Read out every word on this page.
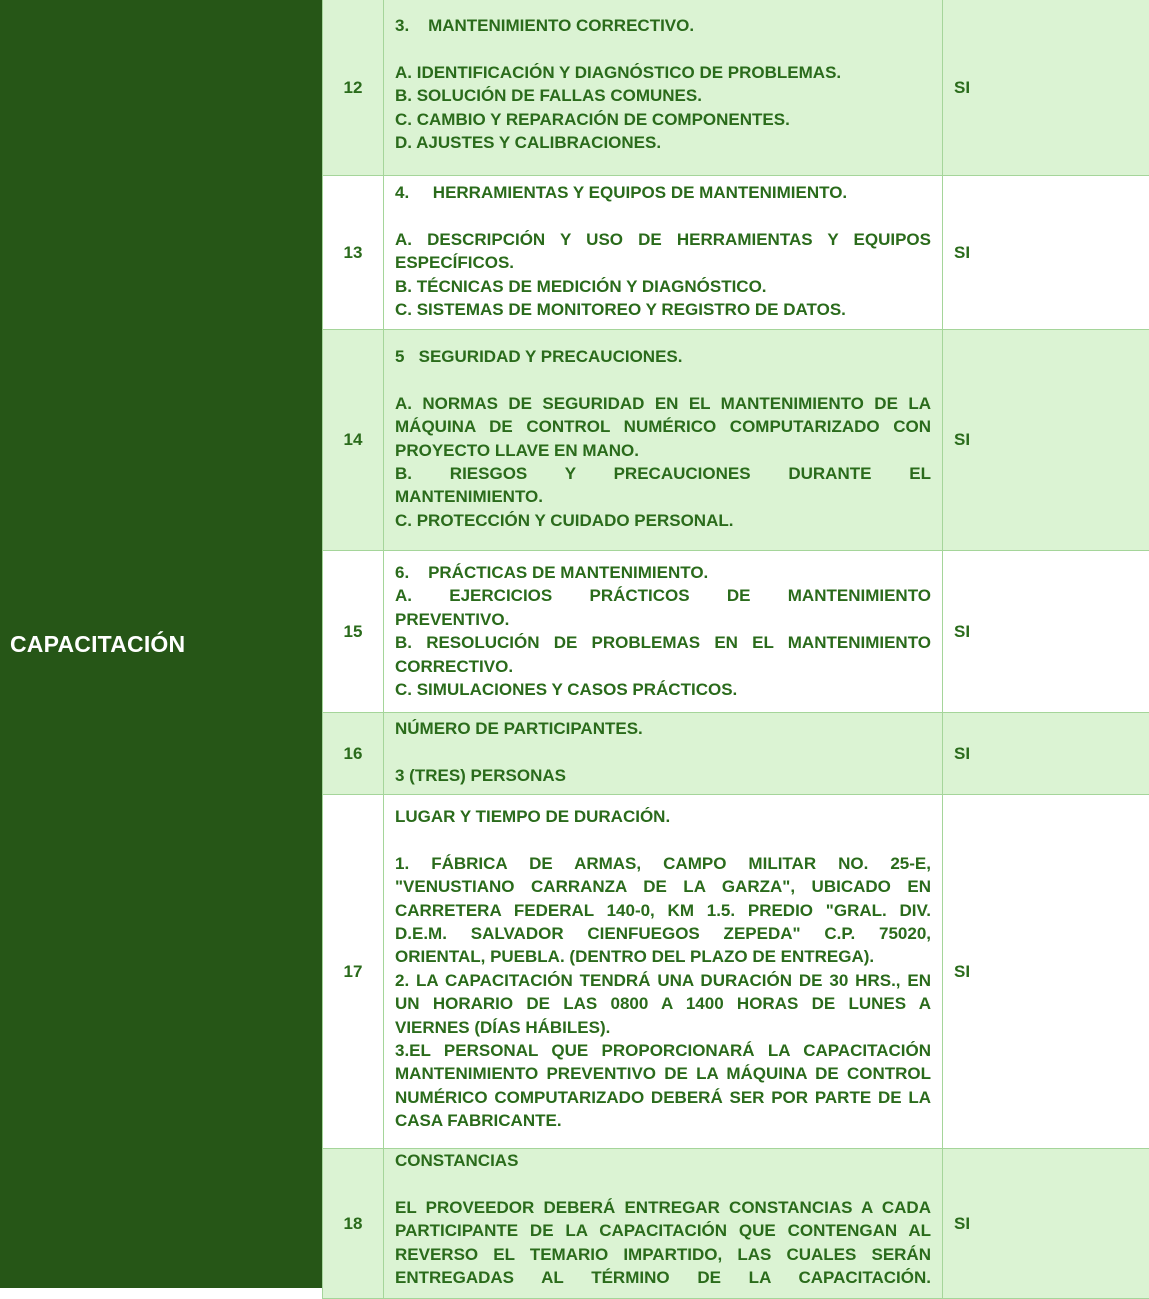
CAPACITACIÓN
12
3.    MANTENIMIENTO CORRECTIVO.
A. IDENTIFICACIÓN Y DIAGNÓSTICO DE PROBLEMAS.
B. SOLUCIÓN DE FALLAS COMUNES.
C. CAMBIO Y REPARACIÓN DE COMPONENTES.
D. AJUSTES Y CALIBRACIONES.
SI
13
4.     HERRAMIENTAS Y EQUIPOS DE MANTENIMIENTO.
A. DESCRIPCIÓN Y USO DE HERRAMIENTAS Y EQUIPOS
ESPECÍFICOS.
B. TÉCNICAS DE MEDICIÓN Y DIAGNÓSTICO.
C. SISTEMAS DE MONITOREO Y REGISTRO DE DATOS.
SI
14
5   SEGURIDAD Y PRECAUCIONES.
A. NORMAS DE SEGURIDAD EN EL MANTENIMIENTO DE LA
MÁQUINA DE CONTROL NUMÉRICO COMPUTARIZADO CON
PROYECTO LLAVE EN MANO.
B. RIESGOS Y PRECAUCIONES DURANTE EL
MANTENIMIENTO.
C. PROTECCIÓN Y CUIDADO PERSONAL.
SI
15
6.    PRÁCTICAS DE MANTENIMIENTO.
A. EJERCICIOS PRÁCTICOS DE MANTENIMIENTO
PREVENTIVO.
B. RESOLUCIÓN DE PROBLEMAS EN EL MANTENIMIENTO
CORRECTIVO.
C. SIMULACIONES Y CASOS PRÁCTICOS.
SI
16
NÚMERO DE PARTICIPANTES.
3 (TRES) PERSONAS
SI
17
LUGAR Y TIEMPO DE DURACIÓN.
1. FÁBRICA DE ARMAS, CAMPO MILITAR NO. 25-E,
"VENUSTIANO CARRANZA DE LA GARZA", UBICADO EN
CARRETERA FEDERAL 140-0, KM 1.5. PREDIO "GRAL. DIV.
D.E.M. SALVADOR CIENFUEGOS ZEPEDA" C.P. 75020,
ORIENTAL, PUEBLA. (DENTRO DEL PLAZO DE ENTREGA).
2. LA CAPACITACIÓN TENDRÁ UNA DURACIÓN DE 30 HRS., EN
UN HORARIO DE LAS 0800 A 1400 HORAS DE LUNES A
VIERNES (DÍAS HÁBILES).
3.EL PERSONAL QUE PROPORCIONARÁ LA CAPACITACIÓN
MANTENIMIENTO PREVENTIVO DE LA MÁQUINA DE CONTROL
NUMÉRICO COMPUTARIZADO DEBERÁ SER POR PARTE DE LA
CASA FABRICANTE.
SI
18
CONSTANCIAS
EL PROVEEDOR DEBERÁ ENTREGAR CONSTANCIAS A CADA
PARTICIPANTE DE LA CAPACITACIÓN QUE CONTENGAN AL
REVERSO EL TEMARIO IMPARTIDO, LAS CUALES SERÁN
ENTREGADAS AL TÉRMINO DE LA CAPACITACIÓN.
SI
